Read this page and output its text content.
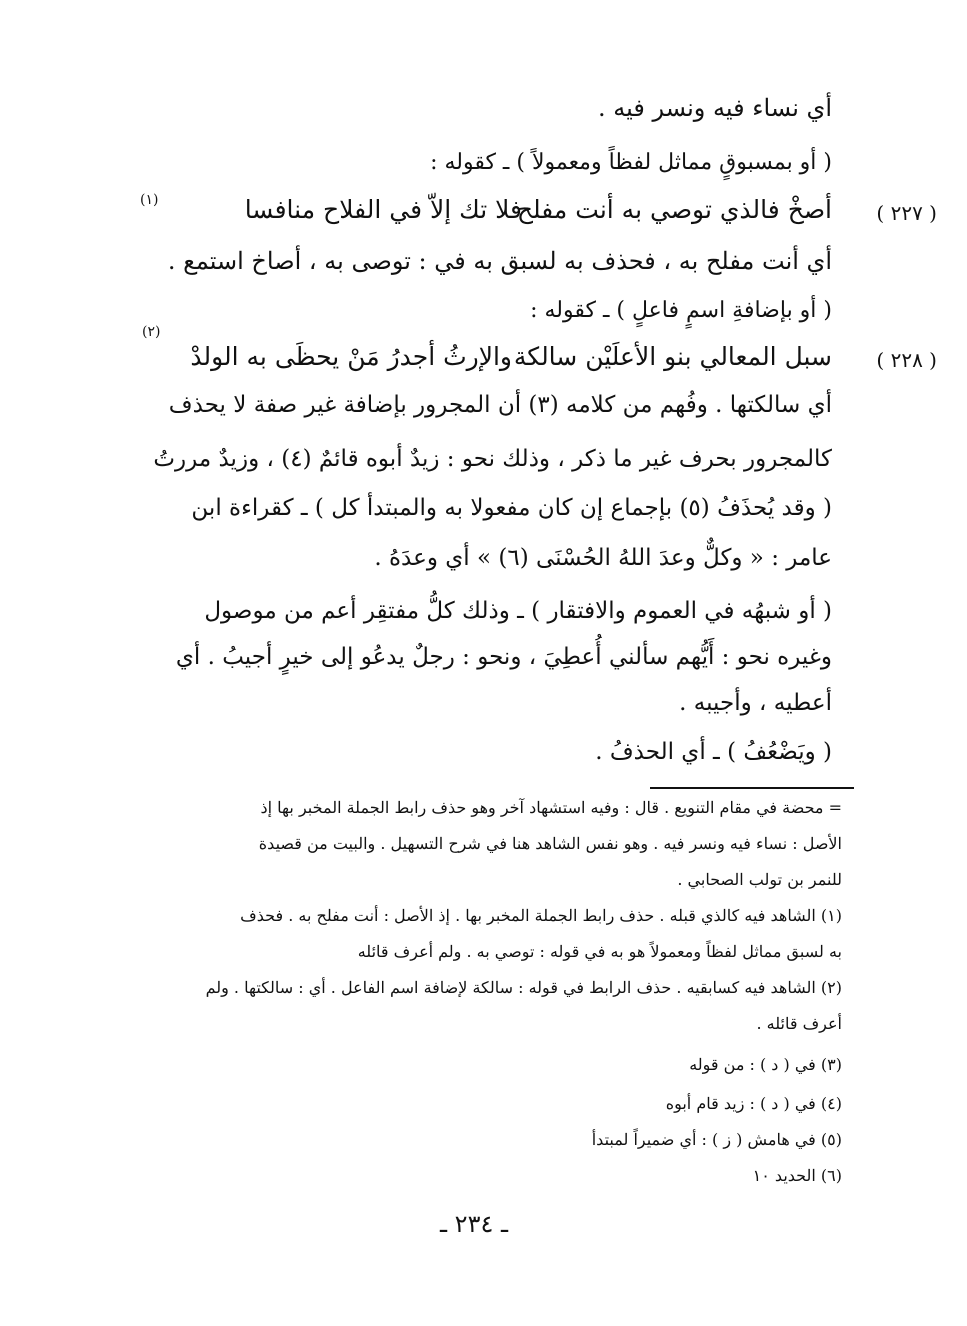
أي نساء فيه ونسر فيه .
( أو بمسبوقٍ مماثل لفظاً ومعمولاً ) ـ كقوله :
( ٢٢٧ )
أصخْ فالذي توصي به أنت مفلح
فلا تك إلاّ في الفلاح منافسا
(١)
أي أنت مفلح به ، فحذف به لسبق به في : توصى به ، أصاخ استمع .
( أو بإضافةِ اسمٍ فاعلٍ ) ـ كقوله :
(٢)
( ٢٢٨ )
سبل المعالي بنو الأعلَيْن سالكة
والإرثُ أجدرُ مَنْ يحظَى به الولدْ
أي سالكتها . وفُهم من كلامه (٣) أن المجرور بإضافة غير صفة لا يحذف
كالمجرور بحرف غير ما ذكر ، وذلك نحو : زيدٌ أبوه قائمٌ (٤) ، وزيدٌ مررتُ
( وقد يُحذَفُ (٥) بإجماع إن كان مفعولا به والمبتدأ كل ) ـ كقراءة ابن
عامر : « وكلٌّ وعدَ اللهُ الحُسْنَى (٦) » أي وعدَهُ .
( أو شبهُه في العموم والافتقار ) ـ وذلك كلُّ مفتقِر أعم من موصول
وغيره نحو : أَيُّهم سألني أُعطِيَ ، ونحو : رجلٌ يدعُو إلى خيرٍ أجيبُ . أي
أعطيه ، وأجيبه .
( ويَضْعُفُ ) ـ أي الحذفُ .
= محضة في مقام التنويع . قال : وفيه استشهاد آخر وهو حذف رابط الجملة المخبر بها إذ
الأصل : نساء فيه ونسر فيه . وهو نفس الشاهد هنا في شرح التسهيل . والبيت من قصيدة
للنمر بن تولب الصحابي .
(١) الشاهد فيه كالذي قبله . حذف رابط الجملة المخبر بها . إذ الأصل : أنت مفلح به . فحذف
به لسبق مماثل لفظاً ومعمولاً هو به في قوله : توصي به . ولم أعرف قائله
(٢) الشاهد فيه كسابقيه . حذف الرابط في قوله : سالكة لإضافة اسم الفاعل . أي : سالكتها . ولم
أعرف قائله .
(٣) في ( د ) : من قوله
(٤) في ( د ) : زيد قام أبوه
(٥) في هامش ( ز ) : أي ضميراً لمبتدأ
(٦) الحديد ١٠
ـ ٢٣٤ ـ
